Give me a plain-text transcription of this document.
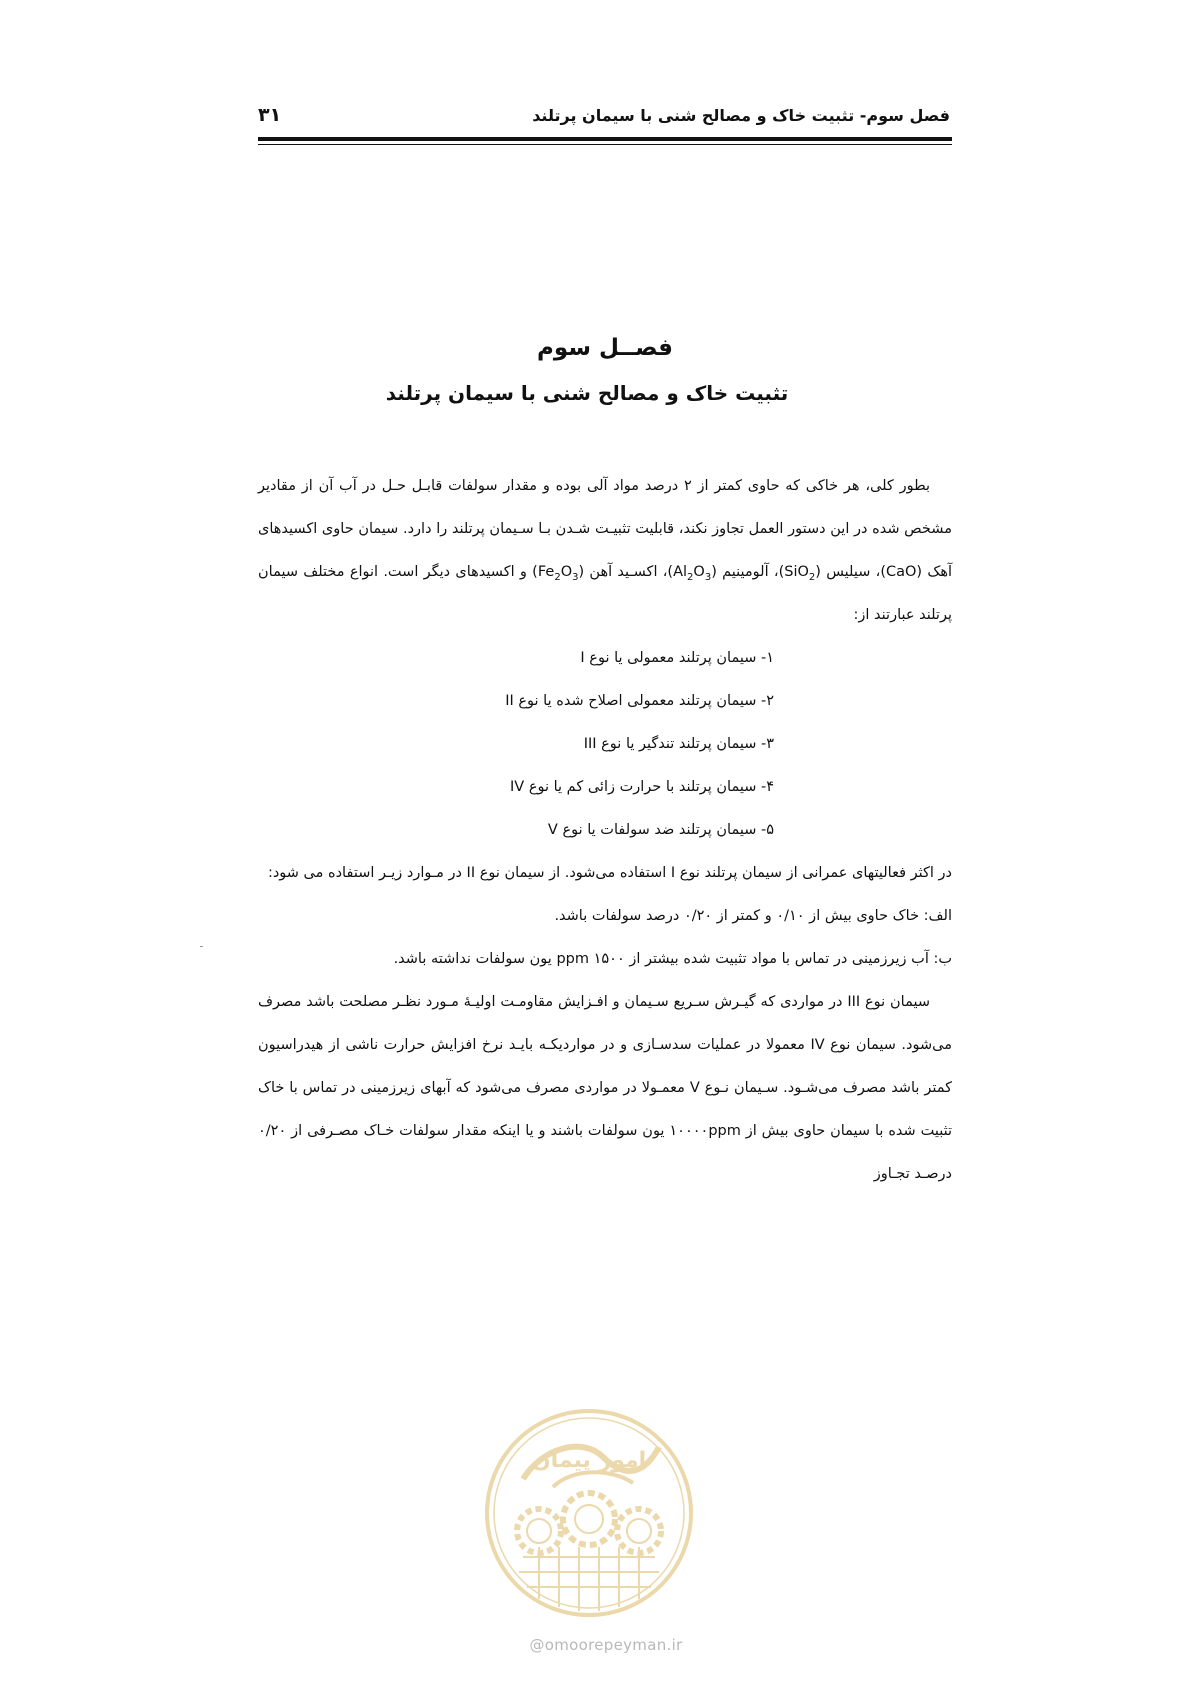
فصل سوم- تثبیت خاک و مصالح شنی با سیمان پرتلند
۳۱
فصــل سوم
تثبیت خاک و مصالح شنی با سیمان پرتلند

بطور کلی، هر خاکی که حاوی کمتر از ۲ درصد مواد آلی بوده و مقدار سولفات قابـل حـل در آب آن از مقادیر مشخص شده در این دستور العمل تجاوز نکند، قابلیت تثبیـت شـدن بـا سـیمان پرتلند را دارد. سیمان حاوی اکسیدهای آهک (CaO)، سیلیس (SiO$_2$)، آلومینیم $(Al_2O_3)،$ اکسـید آهن $(Fe_2O_3)$ و اکسیدهای دیگر است. انواع مختلف سیمان پرتلند عبارتند از:

۱- سیمان پرتلند معمولی یا نوع I

۲- سیمان پرتلند معمولی اصلاح شده یا نوع II

۳- سیمان پرتلند تندگیر یا نوع III

۴- سیمان پرتلند با حرارت زائی کم یا نوع IV

۵- سیمان پرتلند ضد سولفات یا نوع V

در اکثر فعالیتهای عمرانی از سیمان پرتلند نوع I استفاده می‌شود. از سیمان نوع II در مـوارد زیـر استفاده می شود:

الف: خاک حاوی بیش از ۰/۱۰ و کمتر از ۰/۲۰ درصد سولفات باشد.

ب: آب زیرزمینی در تماس با مواد تثبیت شده بیشتر از ppm ۱۵۰۰ یون سولفات نداشته باشد.

سیمان نوع III در مواردی که گیـرش سـریع سـیمان و افـزایش مقاومـت اولیـهٔ مـورد نظـر مصلحت باشد مصرف می‌شود. سیمان نوع IV معمولا در عملیات سدسـازی و در مواردیکـه بایـد نرخ افزایش حرارت ناشی از هیدراسیون کمتر باشد مصرف می‌شـود. سـیمان نـوع V معمـولا در مواردی مصرف می‌شود که آبهای زیرزمینی در تماس با خاک تثبیت شده با سیمان حاوی بیش از ۱۰۰۰۰ppm یون سولفات باشند و یا اینکه مقدار سولفات خـاک مصـرفی از ۰/۲۰ درصـد تجـاوز

امور پیمان
@omoorepeyman.ir
